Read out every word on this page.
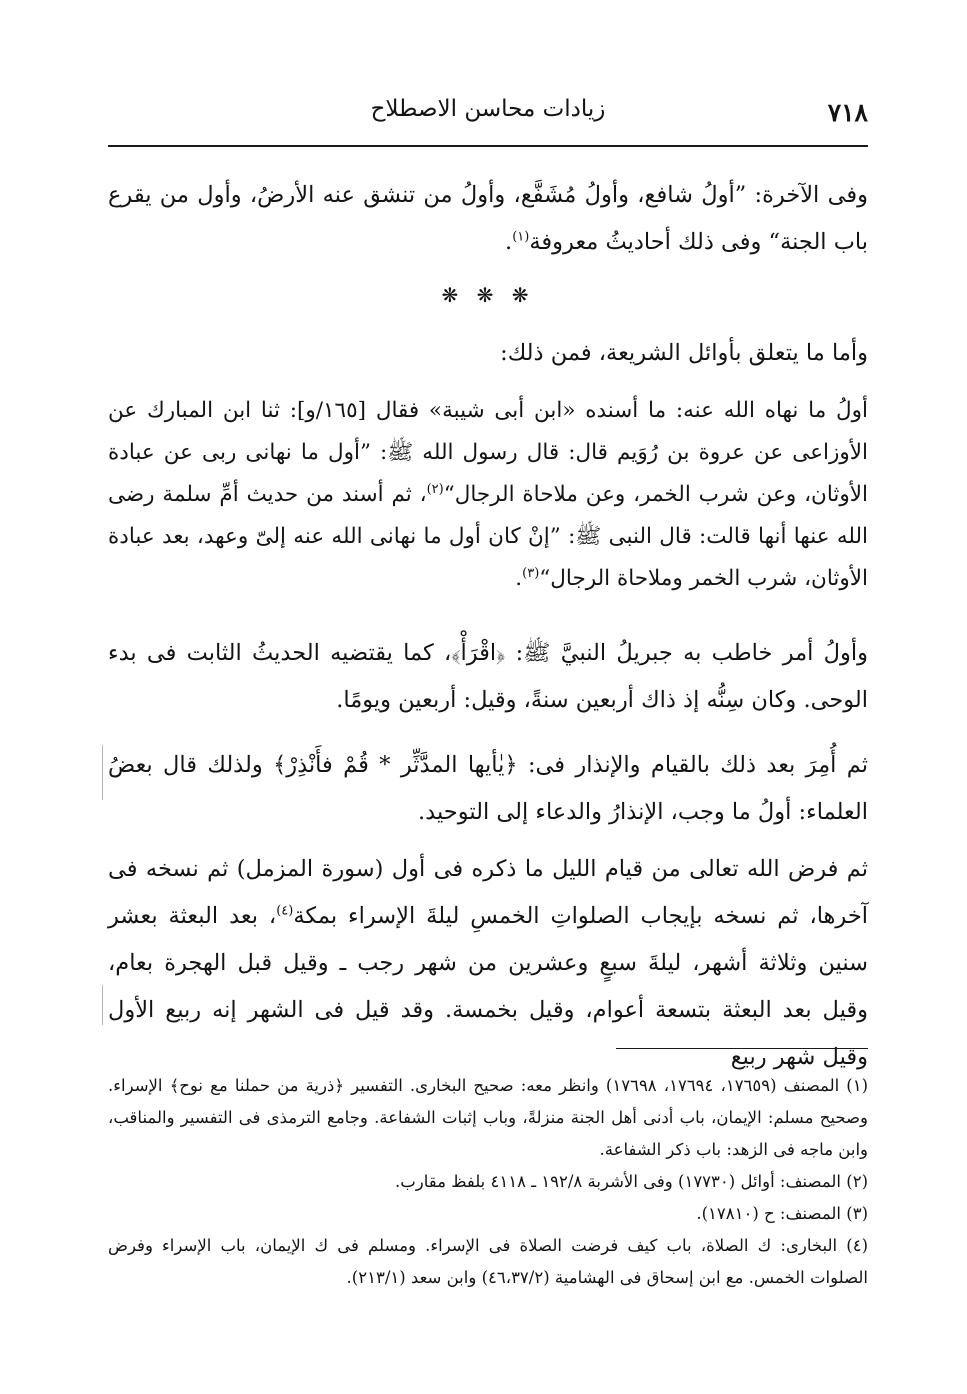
٧١٨
زيادات محاسن الاصطلاح

وفى الآخرة: ”أولُ شافع، وأولُ مُشَفَّع، وأولُ من تنشق عنه الأرضُ، وأول من يقرع باب الجنة“ وفى ذلك أحاديثُ معروفة$^{(١)}$.

❋ ❋ ❋

وأما ما يتعلق بأوائل الشريعة، فمن ذلك:

أولُ ما نهاه الله عنه: ما أسنده «ابن أبى شيبة» فقال [١٦٥/و]: ثنا ابن المبارك عن الأوزاعى عن عروة بن رُوَيم قال: قال رسول الله ﷺ: ”أول ما نهانى ربى عن عبادة الأوثان، وعن شرب الخمر، وعن ملاحاة الرجال“$^{(٢)}$، ثم أسند من حديث أمِّ سلمة رضى الله عنها أنها قالت: قال النبى ﷺ: ”إنْ كان أول ما نهانى الله عنه إلىّ وعهد، بعد عبادة الأوثان، شرب الخمر وملاحاة الرجال“$^{(٣)}$.

وأولُ أمر خاطب به جبريلُ النبيَّ ﷺ: ﴿اقْرَأْ﴾، كما يقتضيه الحديثُ الثابت فى بدء الوحى. وكان سِنُّه إذ ذاك أربعين سنةً، وقيل: أربعين ويومًا.

ثم أُمِرَ بعد ذلك بالقيام والإنذار فى: ﴿يٰأيها المدَّثِّر * قُمْ فأَنْذِرْ﴾ ولذلك قال بعضُ العلماء: أولُ ما وجب، الإنذارُ والدعاء إلى التوحيد.

ثم فرض الله تعالى من قيام الليل ما ذكره فى أول (سورة المزمل) ثم نسخه فى آخرها، ثم نسخه بإيجاب الصلواتِ الخمسِ ليلةَ الإسراء بمكة$^{(٤)}$، بعد البعثة بعشر سنين وثلاثة أشهر، ليلةَ سبعٍ وعشرين من شهر رجب ـ وقيل قبل الهجرة بعام، وقيل بعد البعثة بتسعة أعوام، وقيل بخمسة. وقد قيل فى الشهر إنه ربيع الأول وقيل شهر ربيع

(١) المصنف (١٧٦٥٩، ١٧٦٩٤، ١٧٦٩٨) وانظر معه: صحيح البخارى. التفسير ﴿ذرية من حملنا مع نوح﴾ الإسراء. وصحيح مسلم: الإيمان، باب أدنى أهل الجنة منزلةً، وباب إثبات الشفاعة. وجامع الترمذى فى التفسير والمناقب، وابن ماجه فى الزهد: باب ذكر الشفاعة.
(٢) المصنف: أوائل (١٧٧٣٠) وفى الأشربة ١٩٢/٨ ـ ٤١١٨ بلفظ مقارب.
(٣) المصنف: ح (١٧٨١٠).
(٤) البخارى: ك الصلاة، باب كيف فرضت الصلاة فى الإسراء. ومسلم فى ك الإيمان، باب الإسراء وفرض الصلوات الخمس. مع ابن إسحاق فى الهشامية (٤٦،٣٧/٢) وابن سعد (٢١٣/١).
